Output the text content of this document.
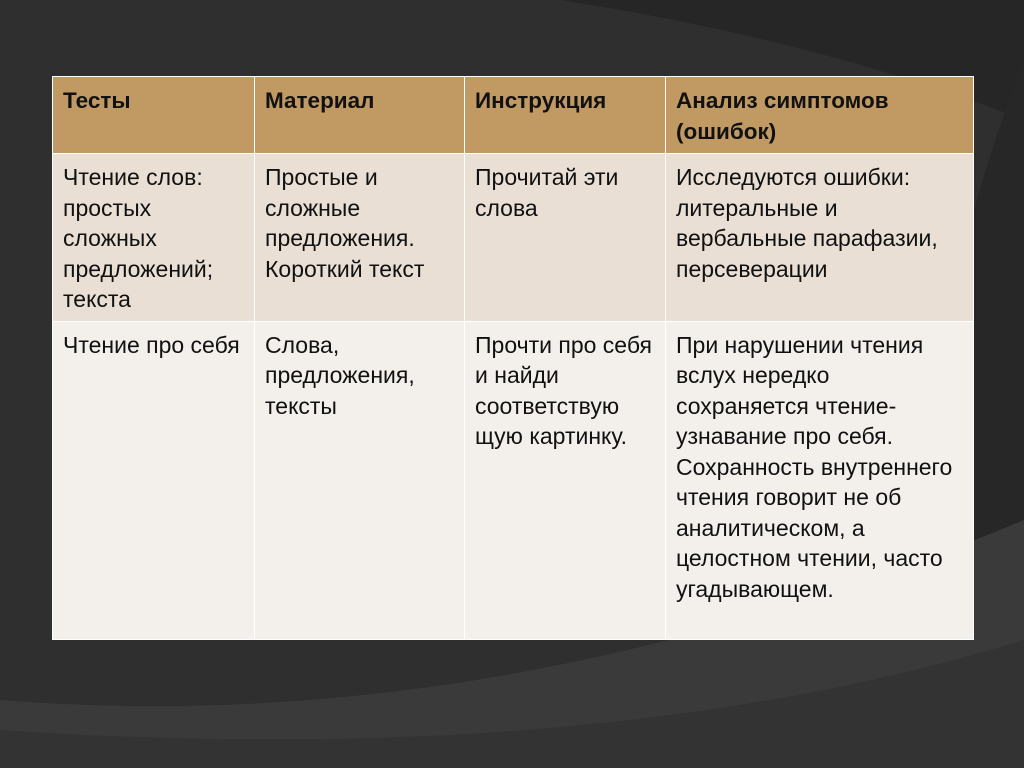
Тесты	Материал	Инструкция	Анализ симптомов (ошибок)
Чтение слов: простых сложных предложений; текста	Простые и сложные предложения. Короткий текст	Прочитай эти слова	Исследуются ошибки: литеральные и вербальные парафазии, персеверации
Чтение про себя	Слова, предложения, тексты	Прочти про себя и найди соответствую щую картинку.	При нарушении чтения вслух нередко сохраняется чтение-узнавание про себя. Сохранность внутреннего чтения говорит не об аналитическом, а целостном чтении, часто угадывающем.
